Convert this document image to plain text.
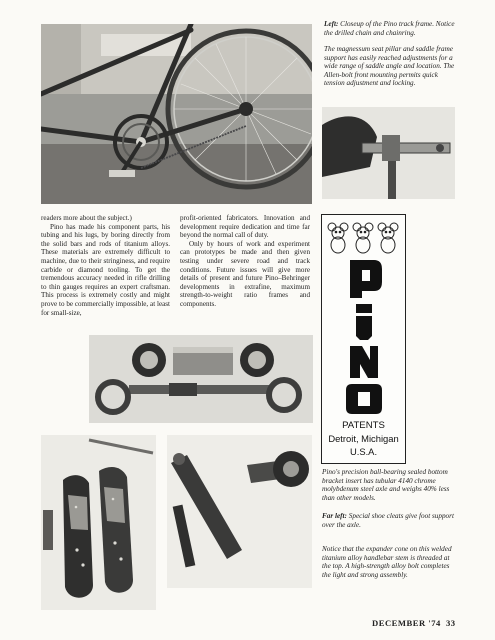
Left: Closeup of the Pino track frame. Notice the drilled chain and chainring.

The magnessum seat pillar and saddle frame support has easily reached adjustments for a wide range of saddle angle and location. The Allen-bolt front mounting permits quick tension adjustment and locking.

readers more about the subject.)

Pino has made his component parts, his tubing and his lugs, by boring directly from the solid bars and rods of titanium alloys. These materials are extremely difficult to machine, due to their stringiness, and require carbide or diamond tooling. To get the tremendous accuracy needed in rifle drilling to thin gauges requires an expert craftsman. This process is extremely costly and might prove to be commercially impossible, at least for small-size,

profit-oriented fabricators. Innovation and development require dedication and time far beyond the normal call of duty.

Only by hours of work and experiment can prototypes be made and then given testing under severe road and track conditions. Future issues will give more details of present and future Pino–Behringer developments in extrafine, maximum strength-to-weight ratio frames and components.

PATENTS
Detroit, Michigan
U.S.A.
Pino's precision ball-bearing sealed bottom bracket insert has tubular 4140 chrome molybdenum steel axle and weighs 40% less than other models.

Far left: Special shoe cleats give foot support over the axle.

Notice that the expander cone on this welded titanium alloy handlebar stem is threaded at the top. A high-strength alloy bolt completes the light and strong assembly.
DECEMBER '74 33
